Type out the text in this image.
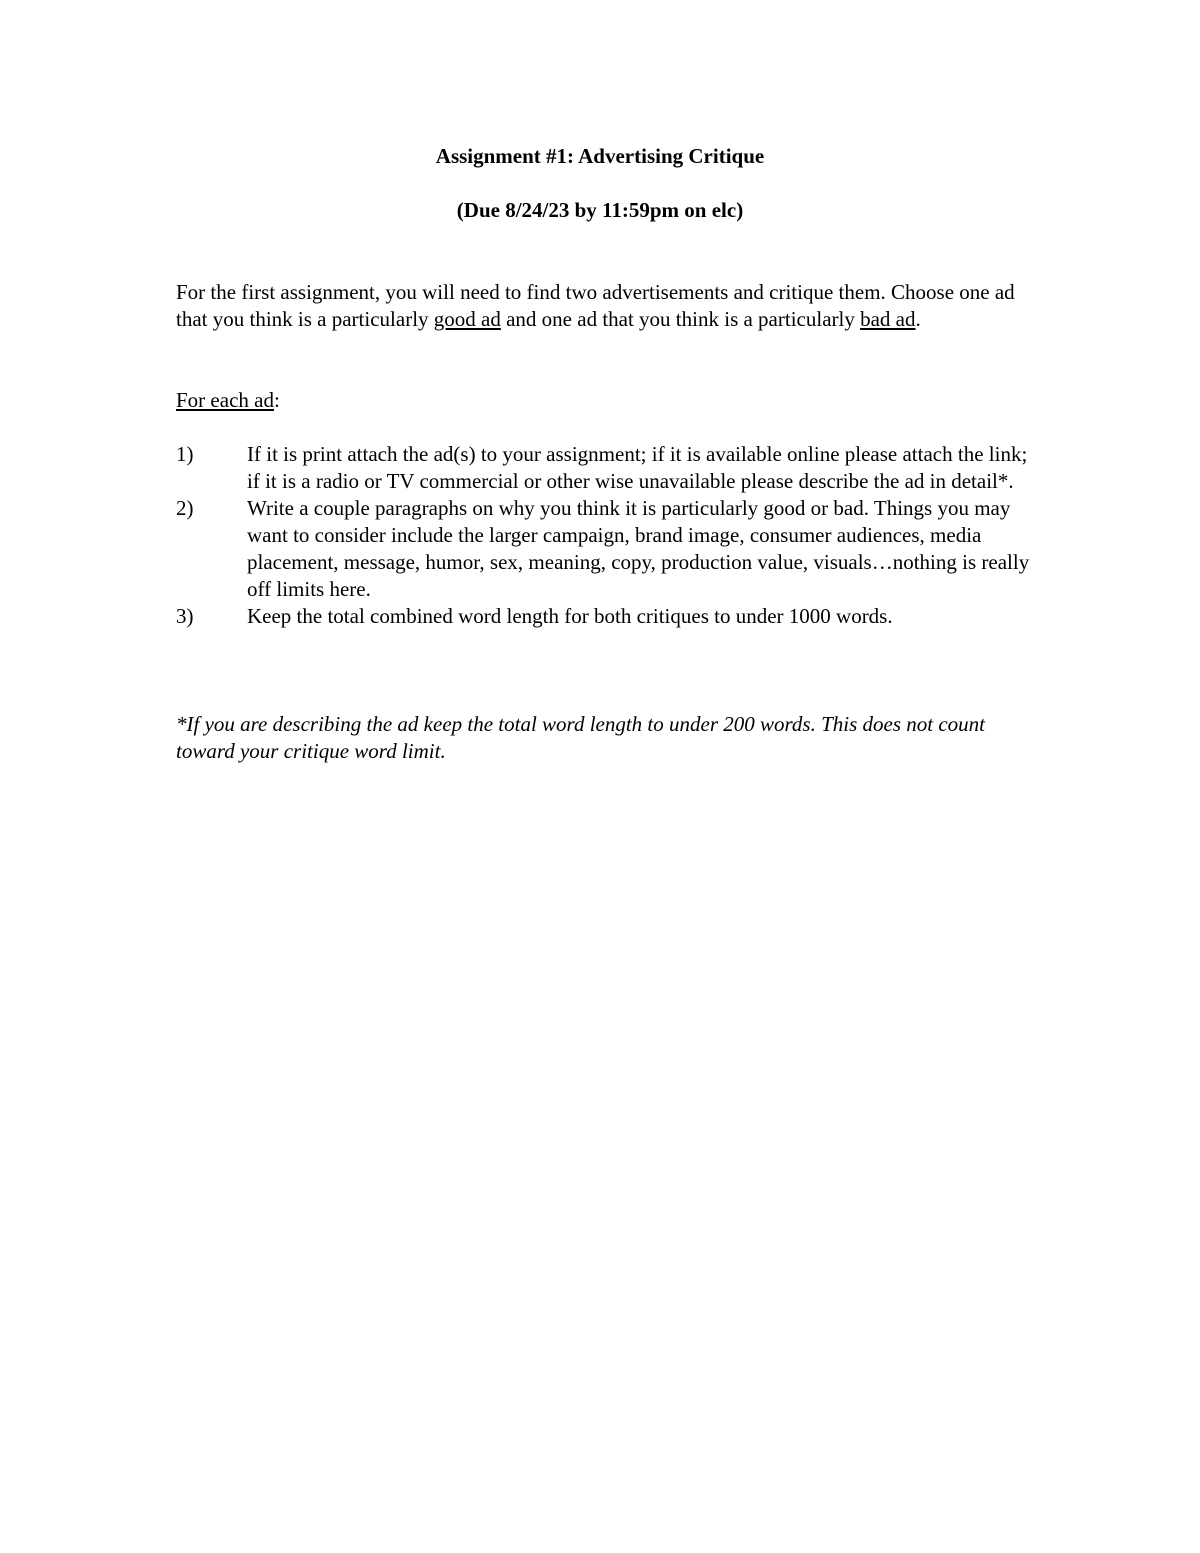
Assignment #1: Advertising Critique
(Due 8/24/23 by 11:59pm on elc)

For the first assignment, you will need to find two advertisements and critique them. Choose one ad that you think is a particularly good ad and one ad that you think is a particularly bad ad.

For each ad:
1)	If it is print attach the ad(s) to your assignment; if it is available online please attach the link; if it is a radio or TV commercial or other wise unavailable please describe the ad in detail*.
2)	Write a couple paragraphs on why you think it is particularly good or bad. Things you may want to consider include the larger campaign, brand image, consumer audiences, media placement, message, humor, sex, meaning, copy, production value, visuals…nothing is really off limits here.
3)	Keep the total combined word length for both critiques to under 1000 words.
*If you are describing the ad keep the total word length to under 200 words. This does not count toward your critique word limit.
